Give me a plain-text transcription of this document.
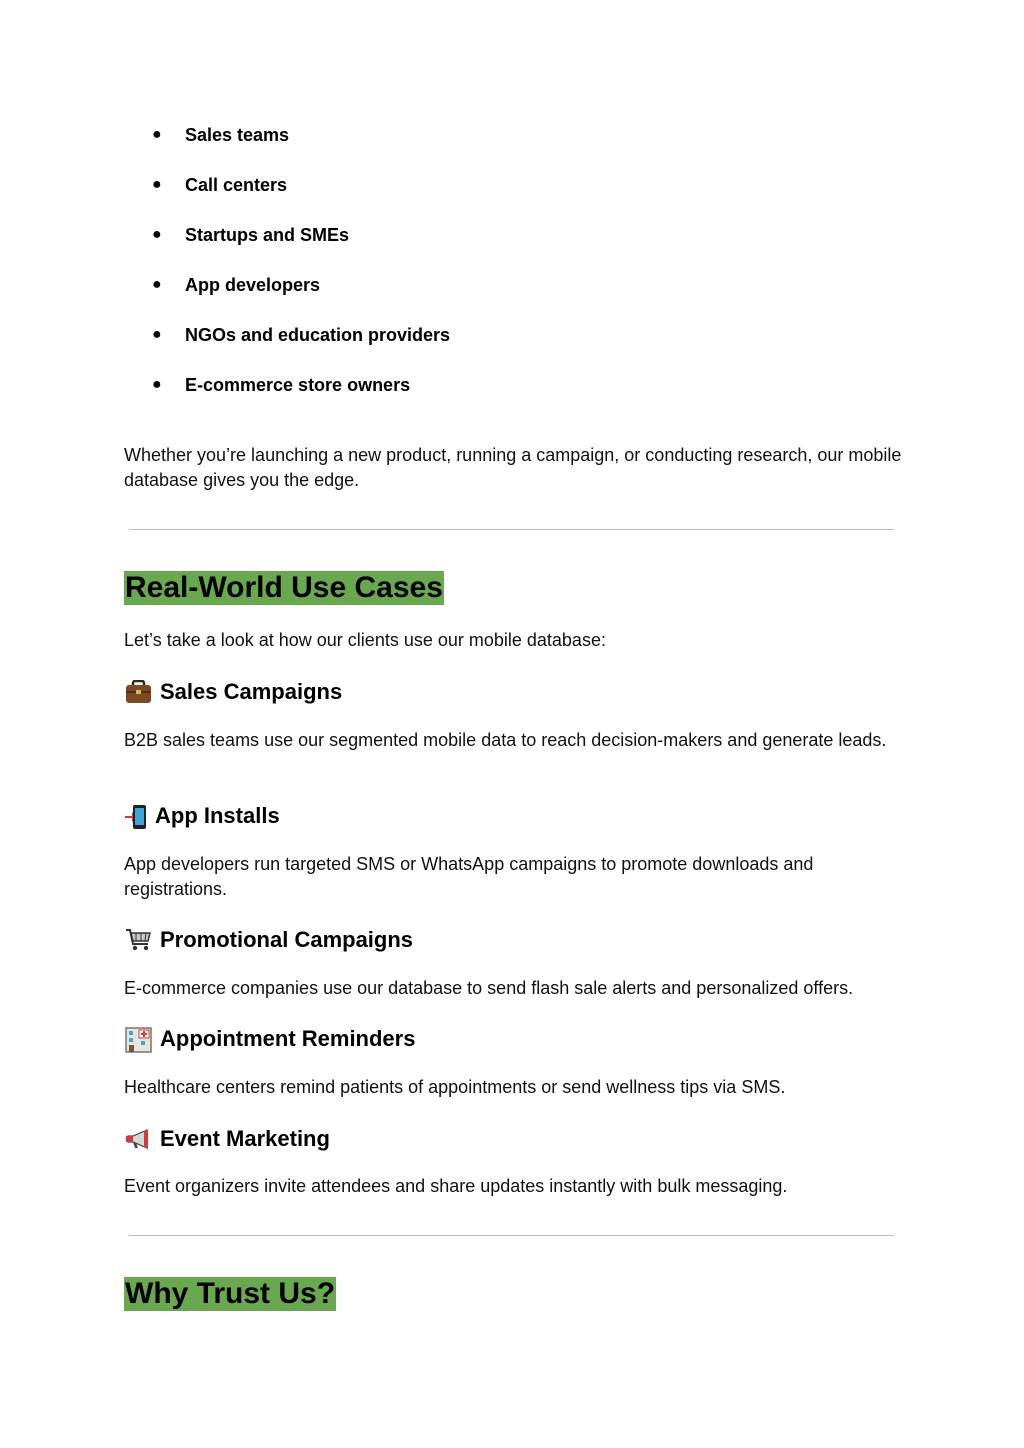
●	Sales teams
●	Call centers
●	Startups and SMEs
●	App developers
●	NGOs and education providers
●	E-commerce store owners
Whether you’re launching a new product, running a campaign, or conducting research, our mobile database gives you the edge.
Real-World Use Cases
Let’s take a look at how our clients use our mobile database:
Sales Campaigns
B2B sales teams use our segmented mobile data to reach decision-makers and generate leads.
App Installs
App developers run targeted SMS or WhatsApp campaigns to promote downloads and registrations.
Promotional Campaigns
E-commerce companies use our database to send flash sale alerts and personalized offers.
Appointment Reminders
Healthcare centers remind patients of appointments or send wellness tips via SMS.
Event Marketing
Event organizers invite attendees and share updates instantly with bulk messaging.
Why Trust Us?
